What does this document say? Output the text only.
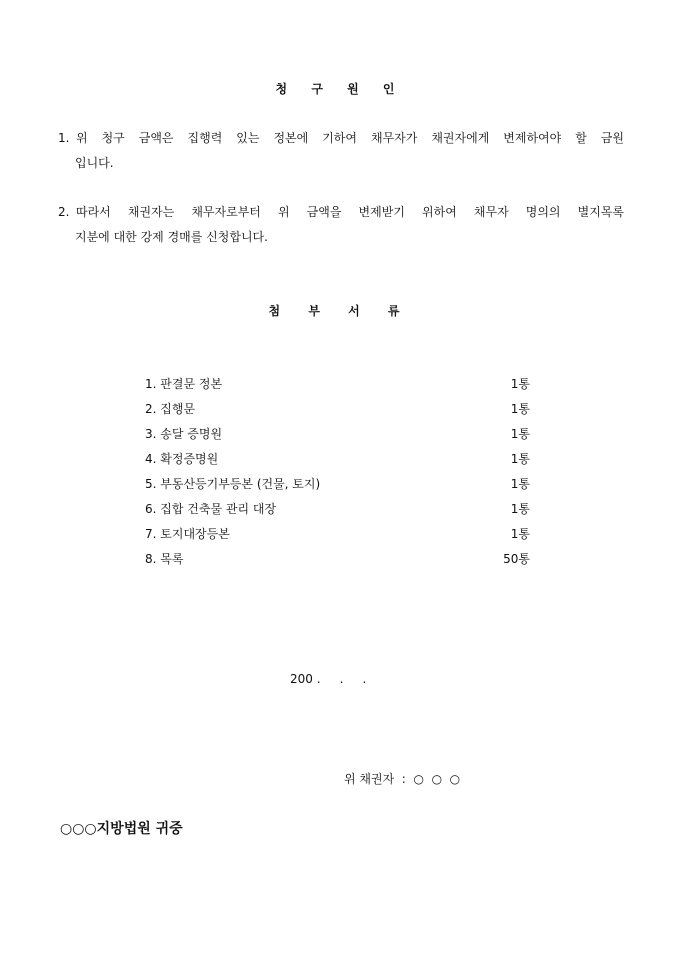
청 구 원 인
1. 위 청구 금액은 집행력 있는 정본에 기하여 채무자가 채권자에게 변제하여야 할 금원
입니다.
2. 따라서 채권자는 채무자로부터 위 금액을 변제받기 위하여 채무자 명의의 별지목록
지분에 대한 강제 경매를 신청합니다.
첨 부 서 류
1. 판결문 정본	1통
2. 집행문	1통
3. 송달 증명원	1통
4. 확정증명원	1통
5. 부동산등기부등본 (건물, 토지)	1통
6. 집합 건축물 관리 대장	1통
7. 토지대장등본	1통
8. 목록	50통
200 .     .     .
위 채권자  :  ○  ○  ○
○○○지방법원 귀중
